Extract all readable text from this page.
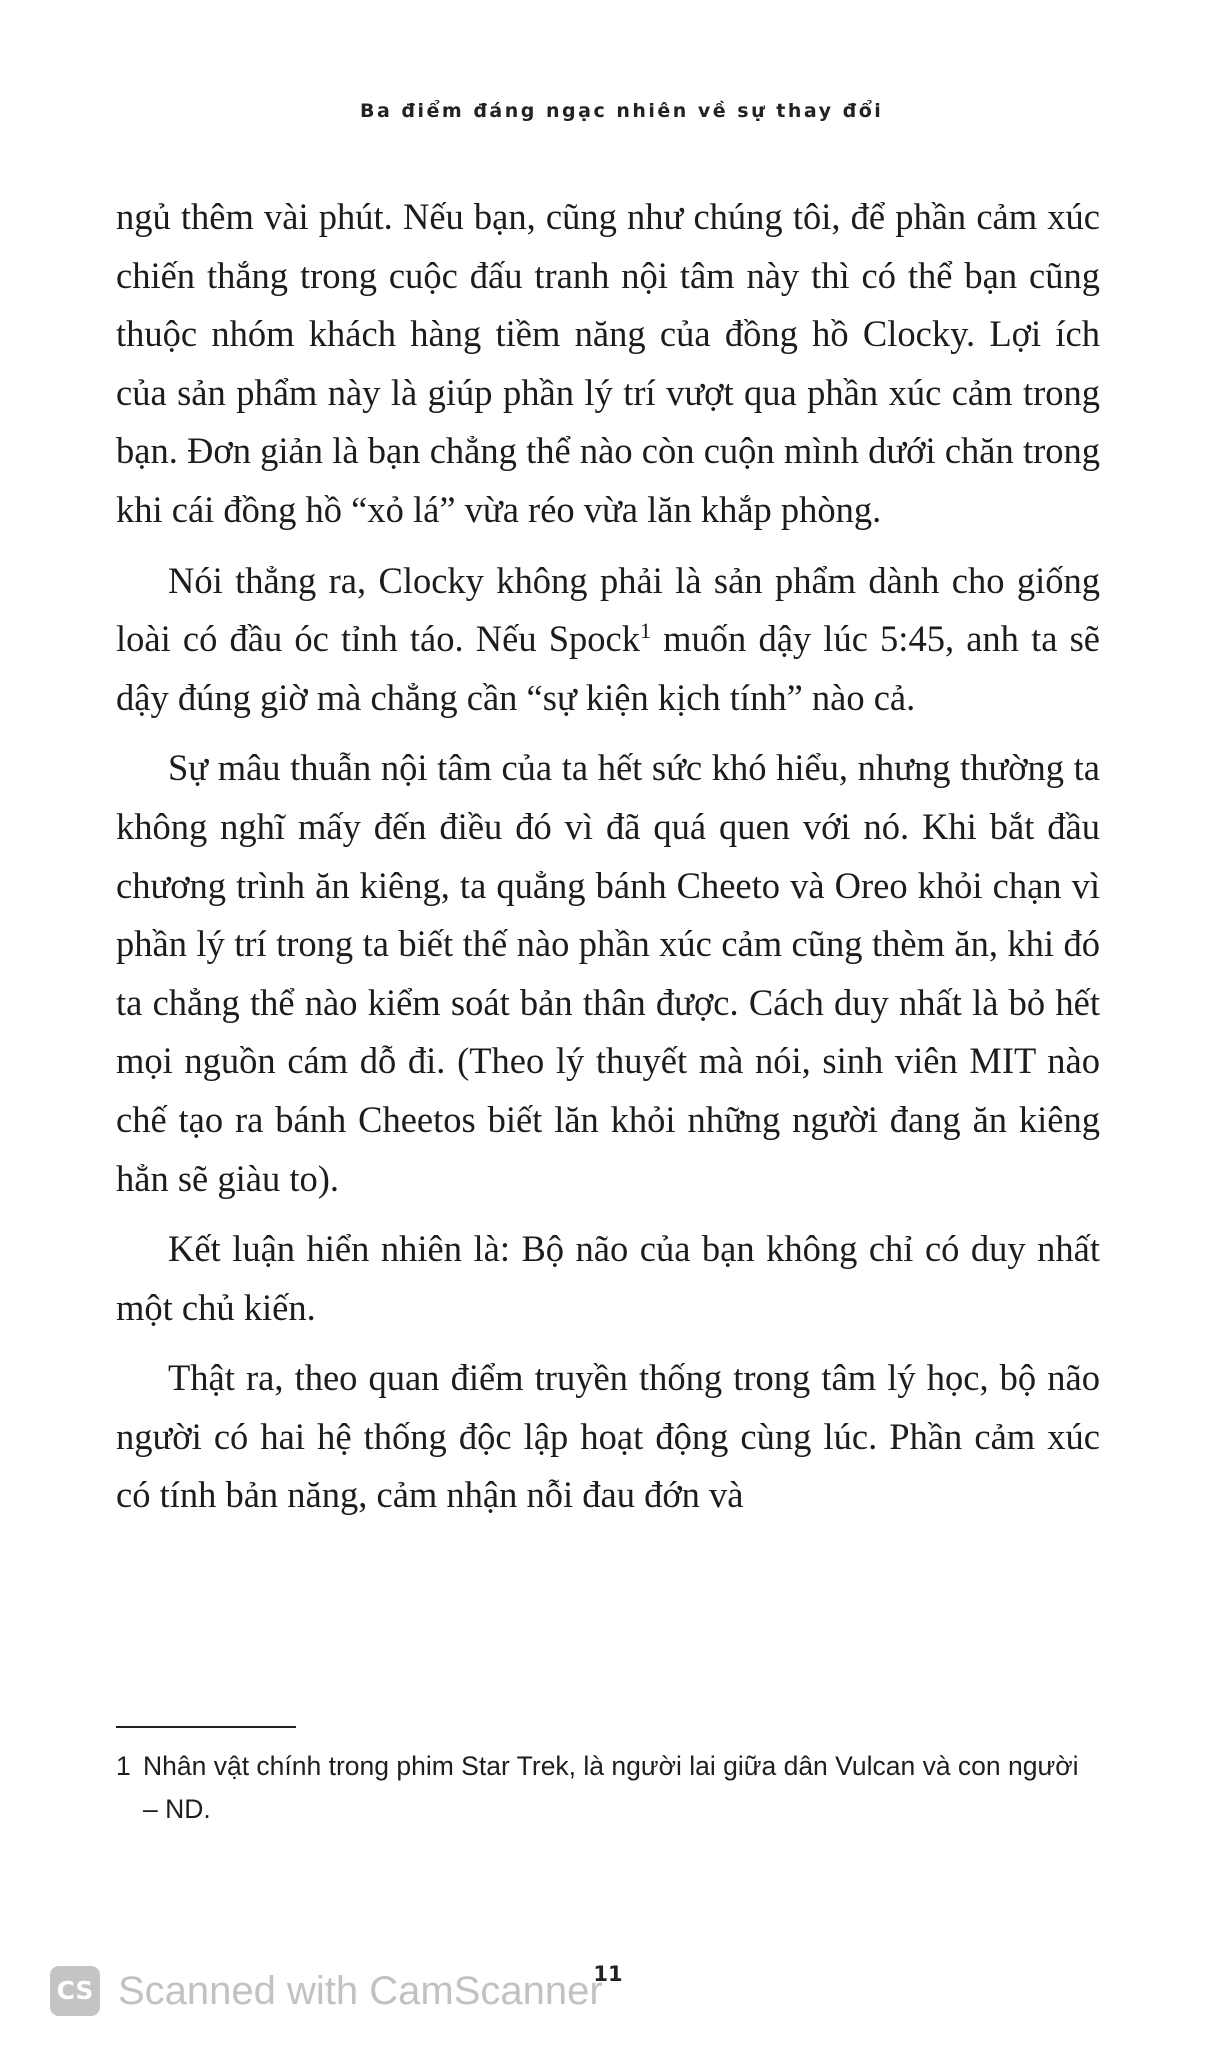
Ba điểm đáng ngạc nhiên về sự thay đổi

ngủ thêm vài phút. Nếu bạn, cũng như chúng tôi, để phần cảm xúc chiến thắng trong cuộc đấu tranh nội tâm này thì có thể bạn cũng thuộc nhóm khách hàng tiềm năng của đồng hồ Clocky. Lợi ích của sản phẩm này là giúp phần lý trí vượt qua phần xúc cảm trong bạn. Đơn giản là bạn chẳng thể nào còn cuộn mình dưới chăn trong khi cái đồng hồ “xỏ lá” vừa réo vừa lăn khắp phòng.

Nói thẳng ra, Clocky không phải là sản phẩm dành cho giống loài có đầu óc tỉnh táo. Nếu Spock$^1$ muốn dậy lúc 5:45, anh ta sẽ dậy đúng giờ mà chẳng cần “sự kiện kịch tính” nào cả.

Sự mâu thuẫn nội tâm của ta hết sức khó hiểu, nhưng thường ta không nghĩ mấy đến điều đó vì đã quá quen với nó. Khi bắt đầu chương trình ăn kiêng, ta quẳng bánh Cheeto và Oreo khỏi chạn vì phần lý trí trong ta biết thế nào phần xúc cảm cũng thèm ăn, khi đó ta chẳng thể nào kiểm soát bản thân được. Cách duy nhất là bỏ hết mọi nguồn cám dỗ đi. (Theo lý thuyết mà nói, sinh viên MIT nào chế tạo ra bánh Cheetos biết lăn khỏi những người đang ăn kiêng hẳn sẽ giàu to).

Kết luận hiển nhiên là: Bộ não của bạn không chỉ có duy nhất một chủ kiến.

Thật ra, theo quan điểm truyền thống trong tâm lý học, bộ não người có hai hệ thống độc lập hoạt động cùng lúc. Phần cảm xúc có tính bản năng, cảm nhận nỗi đau đớn và

1 Nhân vật chính trong phim Star Trek, là người lai giữa dân Vulcan và con người – ND.
11
CS Scanned with CamScanner
